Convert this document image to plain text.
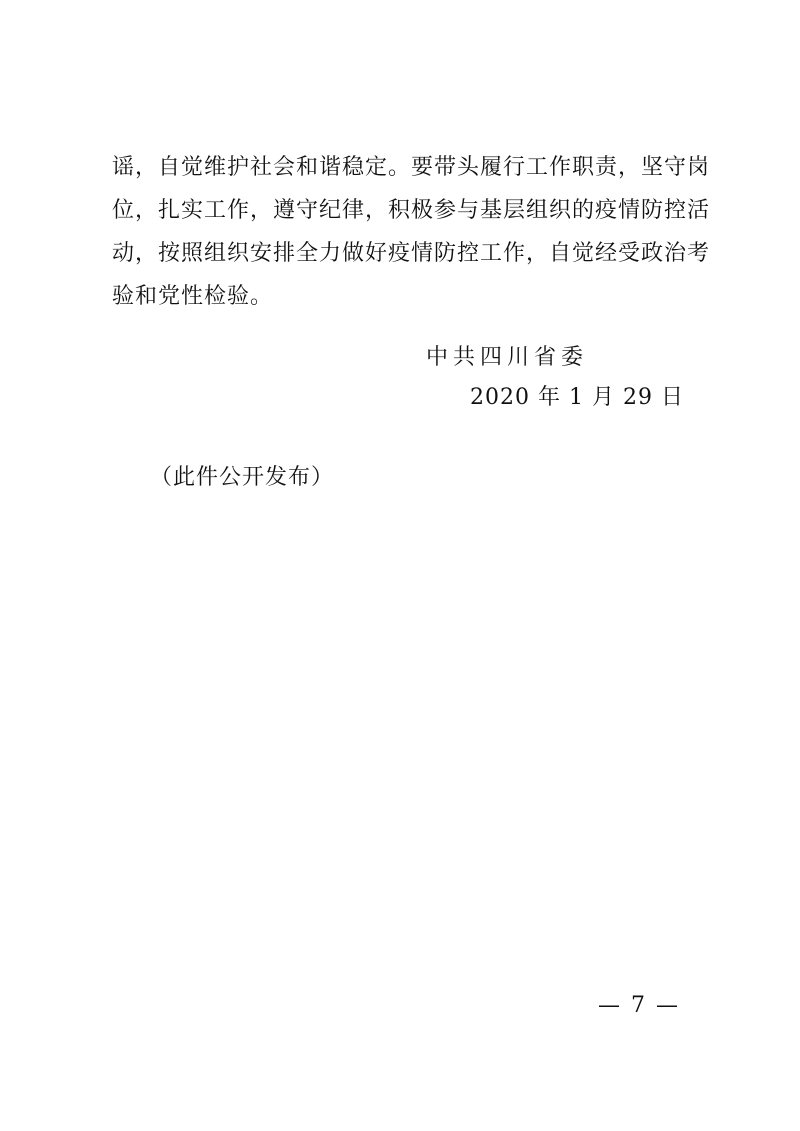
谣，自觉维护社会和谐稳定。要带头履行工作职责，坚守岗
位，扎实工作，遵守纪律，积极参与基层组织的疫情防控活
动，按照组织安排全力做好疫情防控工作，自觉经受政治考
验和党性检验。
中共四川省委
2020 年 1 月 29 日
（此件公开发布）
— 7 —
